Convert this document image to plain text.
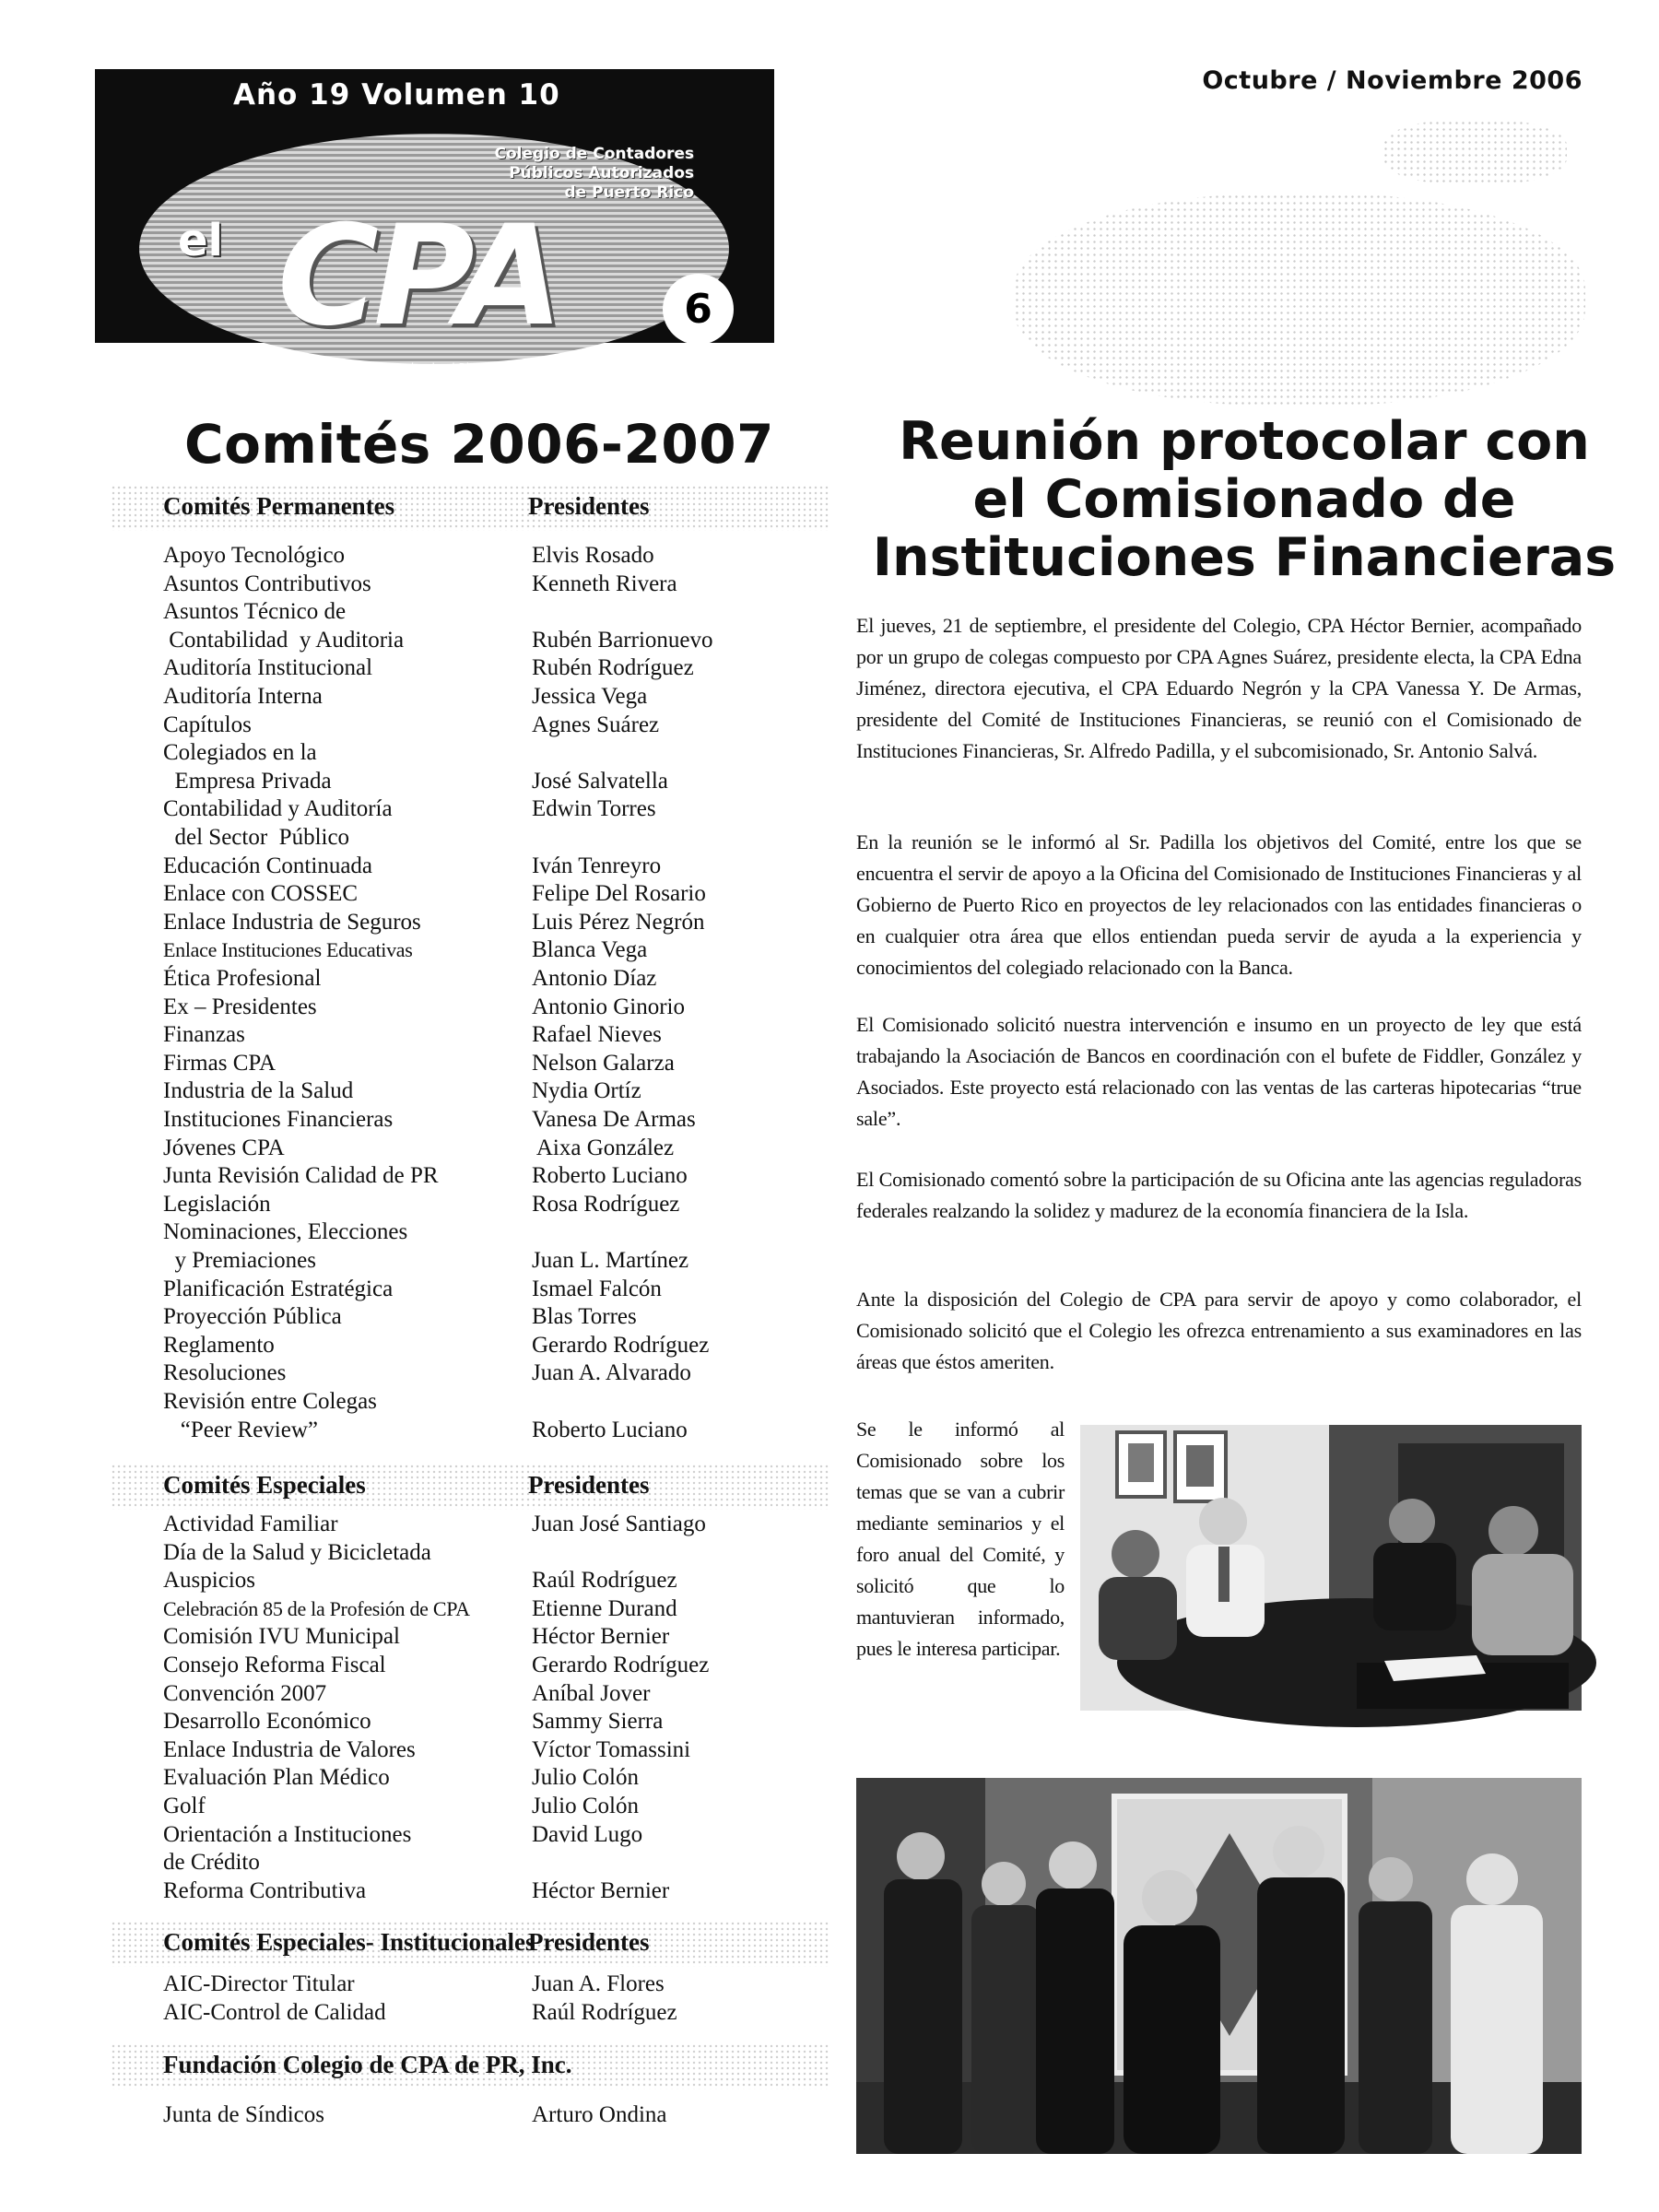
Año 19 Volumen 10
Colegio de Contadores
Públicos Autorizados
de Puerto Rico
el CPA	6
Protegiendo el Bienestar Económico de Puerto Rico
Octubre / Noviembre 2006
Comités 2006-2007
Comités Permanentes	Presidentes
Apoyo Tecnológico	Elvis Rosado
Asuntos Contributivos	Kenneth Rivera
Asuntos Técnico de
Contabilidad  y Auditoria	Rubén Barrionuevo
Auditoría Institucional	Rubén Rodríguez
Auditoría Interna	Jessica Vega
Capítulos	Agnes Suárez
Colegiados en la
Empresa Privada	José Salvatella
Contabilidad y Auditoría	Edwin Torres
del Sector  Público
Educación Continuada	Iván Tenreyro
Enlace con COSSEC	Felipe Del Rosario
Enlace Industria de Seguros	Luis Pérez Negrón
Enlace Instituciones Educativas	Blanca Vega
Ética Profesional	Antonio Díaz
Ex – Presidentes	Antonio Ginorio
Finanzas	Rafael Nieves
Firmas CPA	Nelson Galarza
Industria de la Salud	Nydia Ortíz
Instituciones Financieras	Vanesa De Armas
Jóvenes CPA	Aixa González
Junta Revisión Calidad de PR	Roberto Luciano
Legislación	Rosa Rodríguez
Nominaciones, Elecciones
y Premiaciones	Juan L. Martínez
Planificación Estratégica	Ismael Falcón
Proyección Pública	Blas Torres
Reglamento	Gerardo Rodríguez
Resoluciones	Juan A. Alvarado
Revisión entre Colegas
“Peer Review”	Roberto Luciano
Comités Especiales	Presidentes
Actividad Familiar	Juan José Santiago
Día de la Salud y Bicicletada
Auspicios	Raúl Rodríguez
Celebración 85 de la Profesión de CPA	Etienne Durand
Comisión IVU Municipal	Héctor Bernier
Consejo Reforma Fiscal	Gerardo Rodríguez
Convención 2007	Aníbal Jover
Desarrollo Económico	Sammy Sierra
Enlace Industria de Valores	Víctor Tomassini
Evaluación Plan Médico	Julio Colón
Golf	Julio Colón
Orientación a Instituciones	David Lugo
de Crédito
Reforma Contributiva	Héctor Bernier
Comités Especiales- Institucionales
Presidentes
AIC-Director Titular	Juan A. Flores
AIC-Control de Calidad	Raúl Rodríguez
Fundación Colegio de CPA de PR, Inc.
Junta de Síndicos	Arturo Ondina
Reunión protocolar con
el Comisionado de
Instituciones Financieras
El jueves, 21 de septiembre, el presidente del Colegio, CPA Héctor Bernier, acompañado por un grupo de colegas compuesto por CPA Agnes Suárez, presidente electa, la CPA Edna Jiménez, directora ejecutiva, el CPA Eduardo Negrón y la CPA Vanessa Y. De Armas, presidente del Comité de Instituciones Financieras, se reunió con el Comisionado de Instituciones Financieras, Sr. Alfredo Padilla, y el subcomisionado, Sr. Antonio Salvá.
En la reunión se le informó al Sr. Padilla los objetivos del Comité, entre los que se encuentra el servir de apoyo a la Oficina del Comisionado de Instituciones Financieras y al Gobierno de Puerto Rico en proyectos de ley relacionados con las entidades financieras o en cualquier otra área que ellos entiendan pueda servir de ayuda a la experiencia y conocimientos del colegiado relacionado con la Banca.
El Comisionado solicitó nuestra intervención e insumo en un proyecto de ley que está trabajando la Asociación de Bancos en coordinación con el bufete de Fiddler, González y Asociados. Este proyecto está relacionado con las ventas de las carteras hipotecarias “true sale”.
El Comisionado comentó sobre la participación de su Oficina ante las agencias reguladoras federales realzando la solidez y madurez de la economía financiera de la Isla.
Ante la disposición del Colegio de CPA para servir de apoyo y como colaborador, el Comisionado solicitó que el Colegio les ofrezca entrenamiento a sus examinadores en las áreas que éstos ameriten.
Se le informó al Comisionado sobre los temas que se van a cubrir mediante seminarios y el foro anual del Comité, y solicitó que lo mantuvieran informado, pues le interesa participar.
